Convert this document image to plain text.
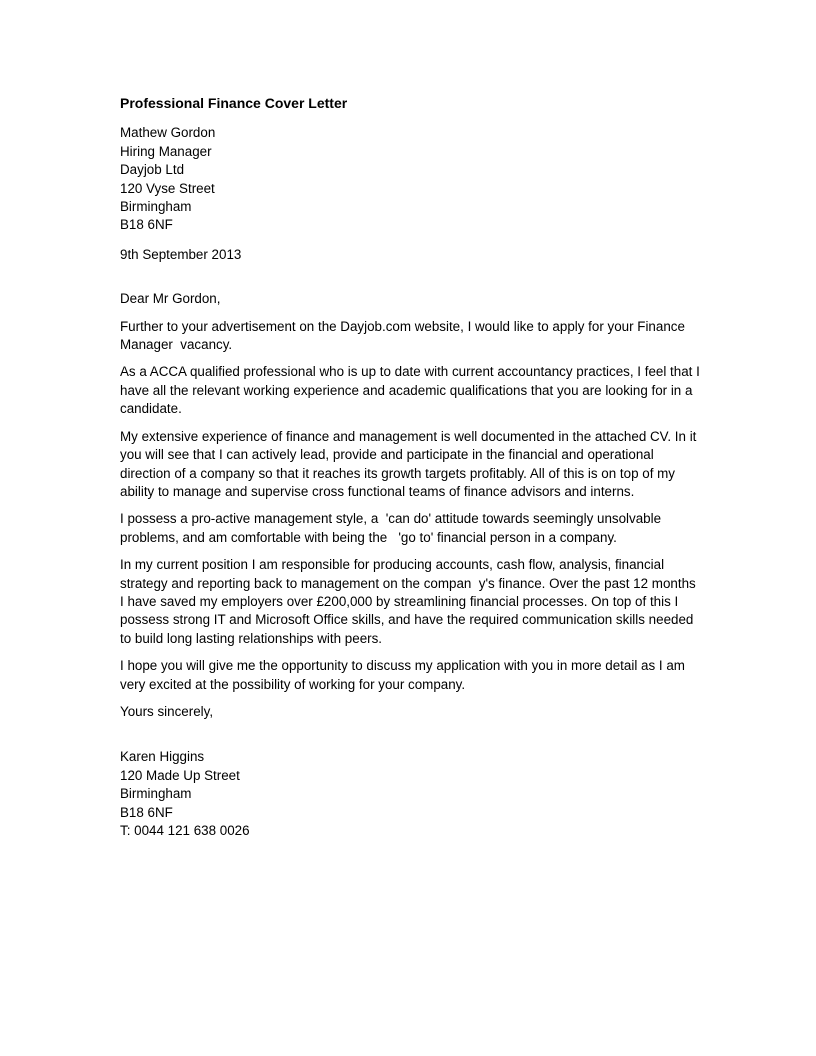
Professional Finance Cover Letter
Mathew Gordon
Hiring Manager
Dayjob Ltd
120 Vyse Street
Birmingham
B18 6NF
9th September 2013
Dear Mr Gordon,

Further to your advertisement on the Dayjob.com website, I would like to apply for your Finance Manager  vacancy.

As a ACCA qualified professional who is up to date with current accountancy practices, I feel that I have all the relevant working experience and academic qualifications that you are looking for in a candidate.

My extensive experience of finance and management is well documented in the attached CV. In it you will see that I can actively lead, provide and participate in the financial and operational direction of a company so that it reaches its growth targets profitably. All of this is on top of my ability to manage and supervise cross functional teams of finance advisors and interns.

I possess a pro-active management style, a  'can do' attitude towards seemingly unsolvable problems, and am comfortable with being the   'go to' financial person in a company.

In my current position I am responsible for producing accounts, cash flow, analysis, financial strategy and reporting back to management on the compan  y's finance. Over the past 12 months I have saved my employers over £200,000 by streamlining financial processes. On top of this I possess strong IT and Microsoft Office skills, and have the required communication skills needed to build long lasting relationships with peers.

I hope you will give me the opportunity to discuss my application with you in more detail as I am very excited at the possibility of working for your company.

Yours sincerely,
Karen Higgins
120 Made Up Street
Birmingham
B18 6NF
T: 0044 121 638 0026
